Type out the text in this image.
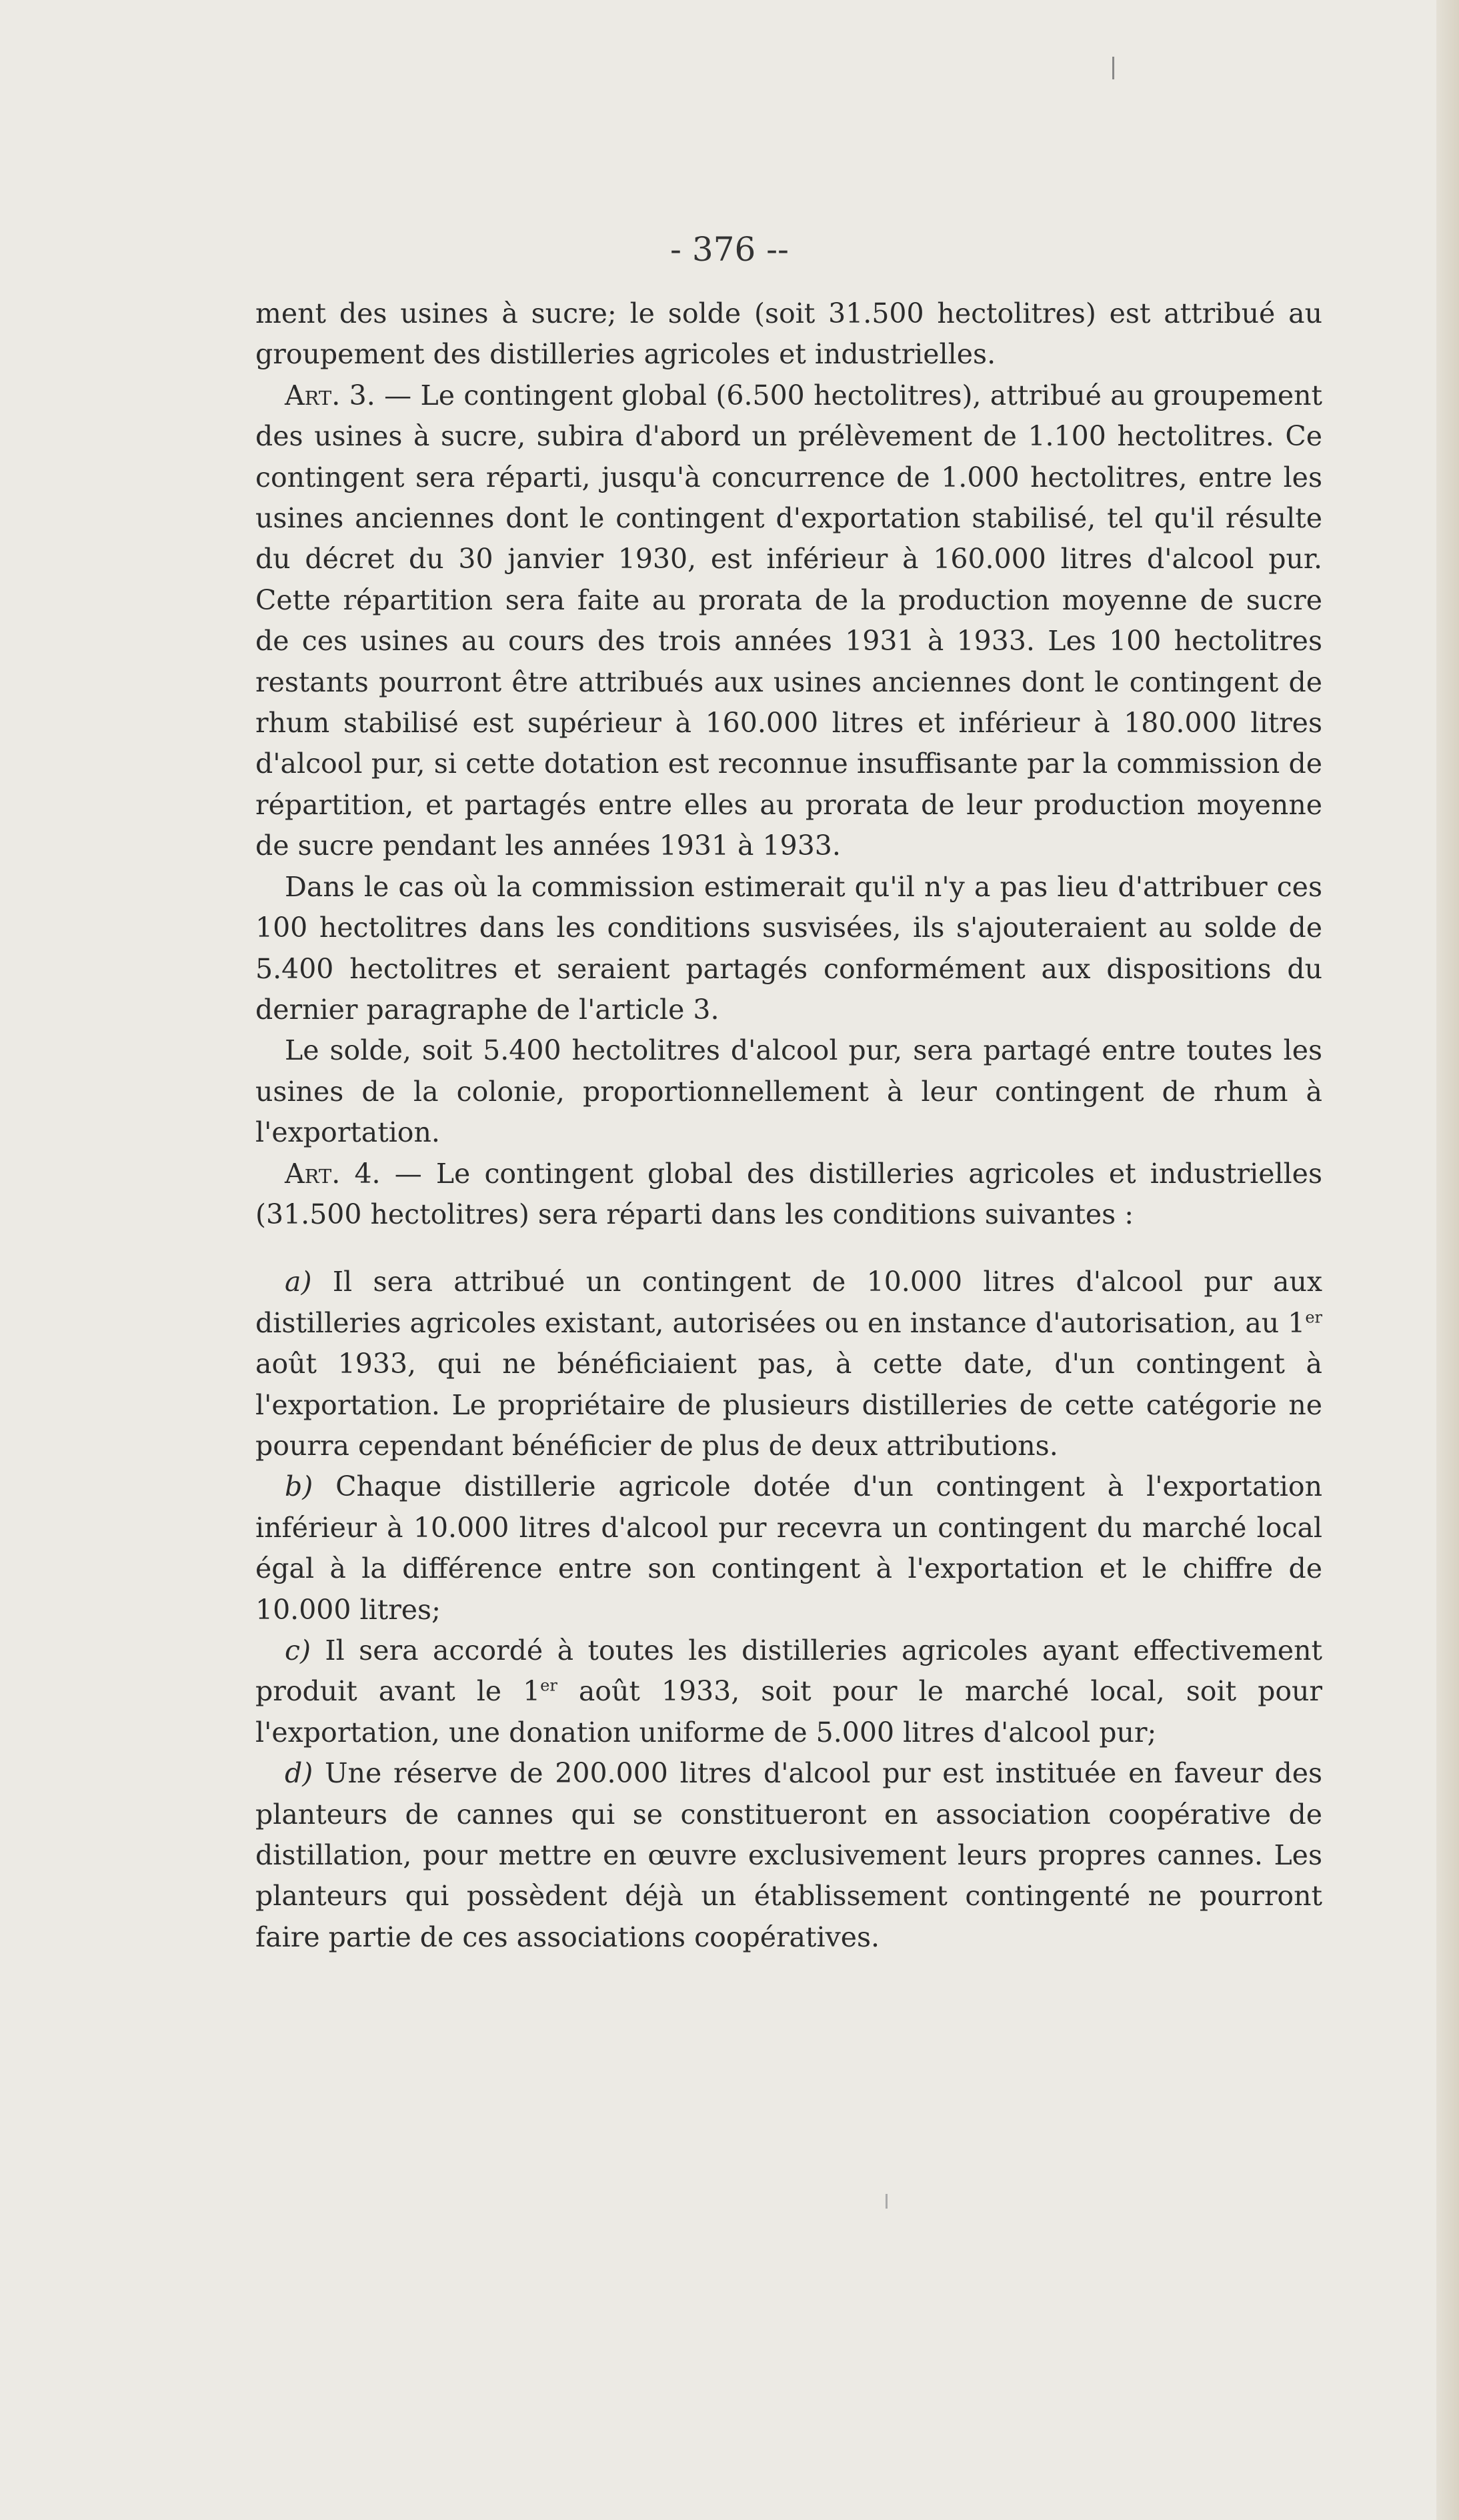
- 376 --

ment des usines à sucre; le solde (soit 31.500 hectolitres) est attribué au groupement des distilleries agricoles et industrielles.

Art. 3. — Le contingent global (6.500 hectolitres), attribué au groupement des usines à sucre, subira d'abord un prélèvement de 1.100 hectolitres. Ce contingent sera réparti, jusqu'à concurrence de 1.000 hectolitres, entre les usines anciennes dont le contingent d'exportation stabilisé, tel qu'il résulte du décret du 30 janvier 1930, est inférieur à 160.000 litres d'alcool pur. Cette répartition sera faite au prorata de la production moyenne de sucre de ces usines au cours des trois années 1931 à 1933. Les 100 hectolitres restants pourront être attribués aux usines anciennes dont le contingent de rhum stabilisé est supérieur à 160.000 litres et inférieur à 180.000 litres d'alcool pur, si cette dotation est reconnue insuffisante par la commission de répartition, et partagés entre elles au prorata de leur production moyenne de sucre pendant les années 1931 à 1933.

Dans le cas où la commission estimerait qu'il n'y a pas lieu d'attribuer ces 100 hectolitres dans les conditions susvisées, ils s'ajouteraient au solde de 5.400 hectolitres et seraient partagés conformément aux dispositions du dernier paragraphe de l'article 3.

Le solde, soit 5.400 hectolitres d'alcool pur, sera partagé entre toutes les usines de la colonie, proportionnellement à leur contingent de rhum à l'exportation.

Art. 4. — Le contingent global des distilleries agricoles et industrielles (31.500 hectolitres) sera réparti dans les conditions suivantes :

a) Il sera attribué un contingent de 10.000 litres d'alcool pur aux distilleries agricoles existant, autorisées ou en instance d'autorisation, au 1er août 1933, qui ne bénéficiaient pas, à cette date, d'un contingent à l'exportation. Le propriétaire de plusieurs distilleries de cette catégorie ne pourra cependant bénéficier de plus de deux attributions.

b) Chaque distillerie agricole dotée d'un contingent à l'exportation inférieur à 10.000 litres d'alcool pur recevra un contingent du marché local égal à la différence entre son contingent à l'exportation et le chiffre de 10.000 litres;

c) Il sera accordé à toutes les distilleries agricoles ayant effectivement produit avant le 1er août 1933, soit pour le marché local, soit pour l'exportation, une donation uniforme de 5.000 litres d'alcool pur;

d) Une réserve de 200.000 litres d'alcool pur est instituée en faveur des planteurs de cannes qui se constitueront en association coopérative de distillation, pour mettre en œuvre exclusivement leurs propres cannes. Les planteurs qui possèdent déjà un établissement contingenté ne pourront faire partie de ces associations coopératives.
